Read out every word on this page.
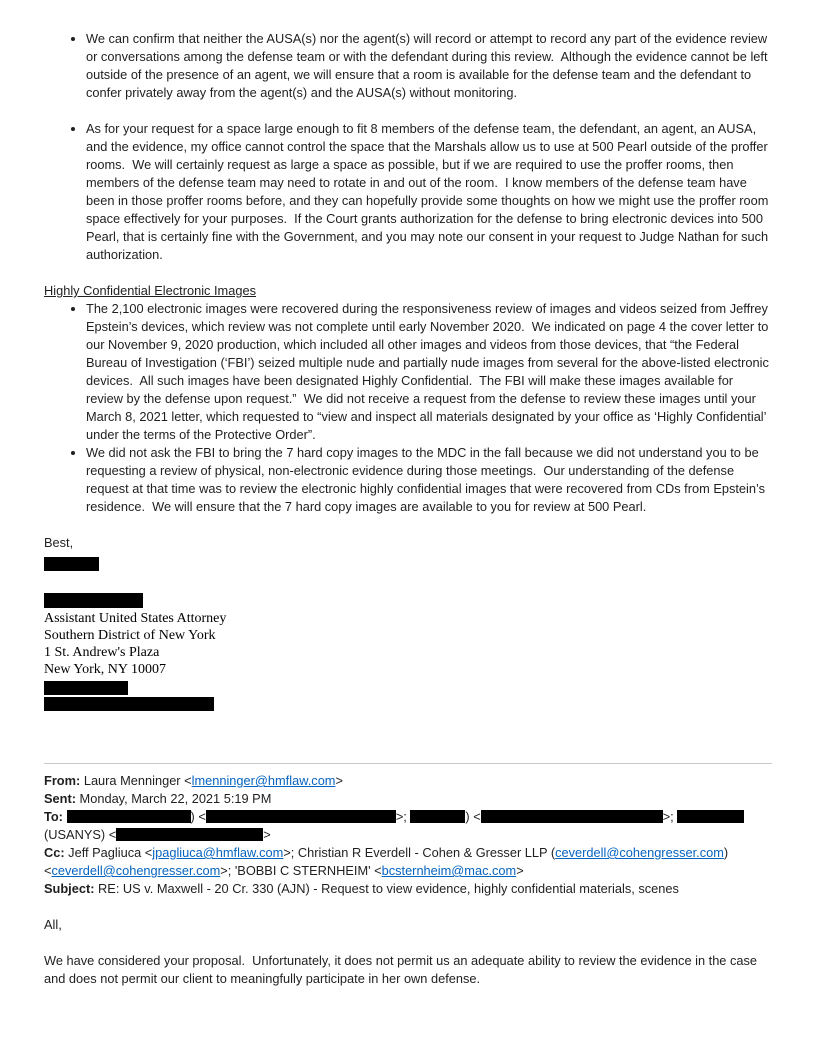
• We can confirm that neither the AUSA(s) nor the agent(s) will record or attempt to record any part of the evidence review or conversations among the defense team or with the defendant during this review.  Although the evidence cannot be left outside of the presence of an agent, we will ensure that a room is available for the defense team and the defendant to confer privately away from the agent(s) and the AUSA(s) without monitoring.
• As for your request for a space large enough to fit 8 members of the defense team, the defendant, an agent, an AUSA, and the evidence, my office cannot control the space that the Marshals allow us to use at 500 Pearl outside of the proffer rooms.  We will certainly request as large a space as possible, but if we are required to use the proffer rooms, then members of the defense team may need to rotate in and out of the room.  I know members of the defense team have been in those proffer rooms before, and they can hopefully provide some thoughts on how we might use the proffer room space effectively for your purposes.  If the Court grants authorization for the defense to bring electronic devices into 500 Pearl, that is certainly fine with the Government, and you may note our consent in your request to Judge Nathan for such authorization.

Highly Confidential Electronic Images

• The 2,100 electronic images were recovered during the responsiveness review of images and videos seized from Jeffrey Epstein’s devices, which review was not complete until early November 2020.  We indicated on page 4 the cover letter to our November 9, 2020 production, which included all other images and videos from those devices, that “the Federal Bureau of Investigation (‘FBI’) seized multiple nude and partially nude images from several for the above-listed electronic devices.  All such images have been designated Highly Confidential.  The FBI will make these images available for review by the defense upon request.”  We did not receive a request from the defense to review these images until your March 8, 2021 letter, which requested to “view and inspect all materials designated by your office as ‘Highly Confidential’ under the terms of the Protective Order”.
• We did not ask the FBI to bring the 7 hard copy images to the MDC in the fall because we did not understand you to be requesting a review of physical, non-electronic evidence during those meetings.  Our understanding of the defense request at that time was to review the electronic highly confidential images that were recovered from CDs from Epstein’s residence.  We will ensure that the 7 hard copy images are available to you for review at 500 Pearl.

Best,

Assistant United States Attorney

Southern District of New York

1 St. Andrew's Plaza

New York, NY 10007

From: Laura Menninger <lmenninger@hmflaw.com>

Sent: Monday, March 22, 2021 5:19 PM

To:	) <	>;	) <	>;	(USANYS) <	>

Cc: Jeff Pagliuca <jpagliuca@hmflaw.com>; Christian R Everdell - Cohen & Gresser LLP (ceverdell@cohengresser.com) <ceverdell@cohengresser.com>; 'BOBBI C STERNHEIM' <bcsternheim@mac.com>

Subject: RE: US v. Maxwell - 20 Cr. 330 (AJN) - Request to view evidence, highly confidential materials, scenes

All,

We have considered your proposal.  Unfortunately, it does not permit us an adequate ability to review the evidence in the case and does not permit our client to meaningfully participate in her own defense.
